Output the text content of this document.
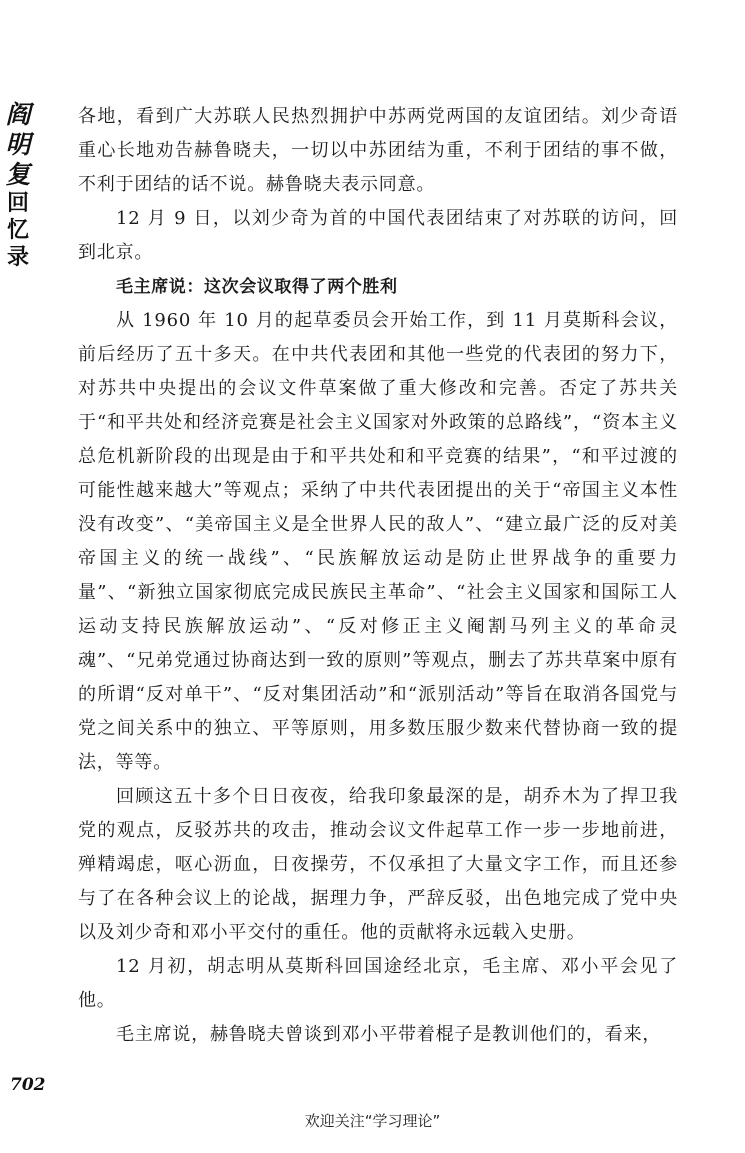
阎
明
复
回
忆
录

各地，看到广大苏联人民热烈拥护中苏两党两国的友谊团结。刘少奇语重心长地劝告赫鲁晓夫，一切以中苏团结为重，不利于团结的事不做，不利于团结的话不说。赫鲁晓夫表示同意。

12 月 9 日，以刘少奇为首的中国代表团结束了对苏联的访问，回到北京。

毛主席说：这次会议取得了两个胜利

从 1960 年 10 月的起草委员会开始工作，到 11 月莫斯科会议，前后经历了五十多天。在中共代表团和其他一些党的代表团的努力下，对苏共中央提出的会议文件草案做了重大修改和完善。否定了苏共关于“和平共处和经济竞赛是社会主义国家对外政策的总路线”，“资本主义总危机新阶段的出现是由于和平共处和和平竞赛的结果”，“和平过渡的可能性越来越大”等观点；采纳了中共代表团提出的关于“帝国主义本性没有改变”、“美帝国主义是全世界人民的敌人”、“建立最广泛的反对美帝国主义的统一战线”、“民族解放运动是防止世界战争的重要力量”、“新独立国家彻底完成民族民主革命”、“社会主义国家和国际工人运动支持民族解放运动”、“反对修正主义阉割马列主义的革命灵魂”、“兄弟党通过协商达到一致的原则”等观点，删去了苏共草案中原有的所谓“反对单干”、“反对集团活动”和“派别活动”等旨在取消各国党与党之间关系中的独立、平等原则，用多数压服少数来代替协商一致的提法，等等。

回顾这五十多个日日夜夜，给我印象最深的是，胡乔木为了捍卫我党的观点，反驳苏共的攻击，推动会议文件起草工作一步一步地前进，殚精竭虑，呕心沥血，日夜操劳，不仅承担了大量文字工作，而且还参与了在各种会议上的论战，据理力争，严辞反驳，出色地完成了党中央以及刘少奇和邓小平交付的重任。他的贡献将永远载入史册。

12 月初，胡志明从莫斯科回国途经北京，毛主席、邓小平会见了他。

毛主席说，赫鲁晓夫曾谈到邓小平带着棍子是教训他们的，看来，

702
欢迎关注“学习理论”
